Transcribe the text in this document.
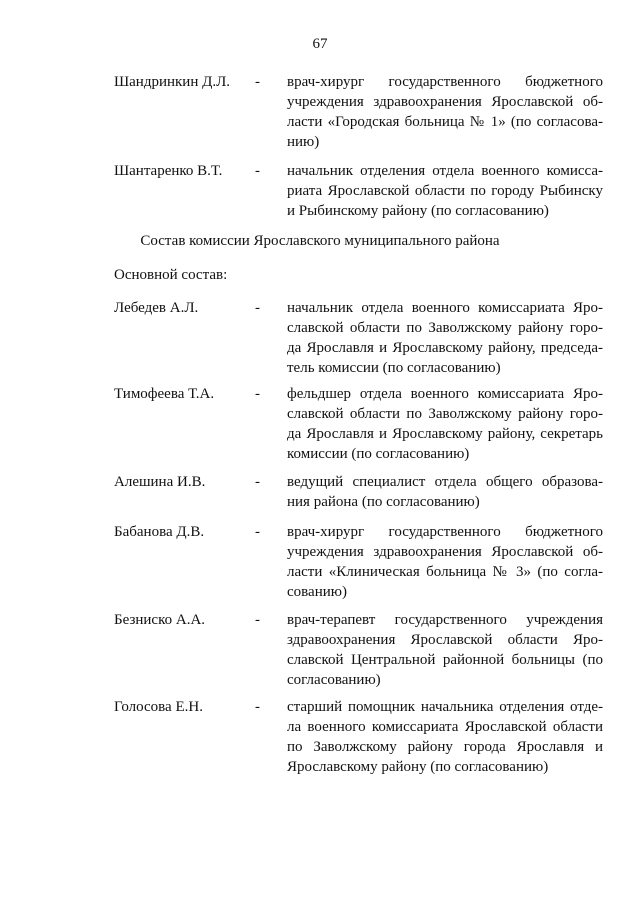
67
Шандринкин Д.Л. - врач-хирург государственного бюджетного
учреждения здравоохранения Ярославской об-
ласти «Городская больница № 1» (по согласова-
нию)
Шантаренко В.Т. - начальник отделения отдела военного комисса-
риата Ярославской области по городу Рыбинску
и Рыбинскому району (по согласованию)
Состав комиссии Ярославского муниципального района
Основной состав:
Лебедев А.Л.	- начальник отдела военного комиссариата Яро-
славской области по Заволжскому району горо-
да Ярославля и Ярославскому району, председа-
тель комиссии (по согласованию)
Тимофеева Т.А.	- фельдшер отдела военного комиссариата Яро-
славской области по Заволжскому району горо-
да Ярославля и Ярославскому району, секретарь
комиссии (по согласованию)
Алешина И.В.	- ведущий специалист отдела общего образова-
ния района (по согласованию)
Бабанова Д.В.	- врач-хирург государственного бюджетного
учреждения здравоохранения Ярославской об-
ласти «Клиническая больница № 3» (по согла-
сованию)
Безниско А.А.	- врач-терапевт государственного учреждения
здравоохранения Ярославской области Яро-
славской Центральной районной больницы (по
согласованию)
Голосова Е.Н.	- старший помощник начальника отделения отде-
ла военного комиссариата Ярославской области
по Заволжскому району города Ярославля и
Ярославскому району (по согласованию)
